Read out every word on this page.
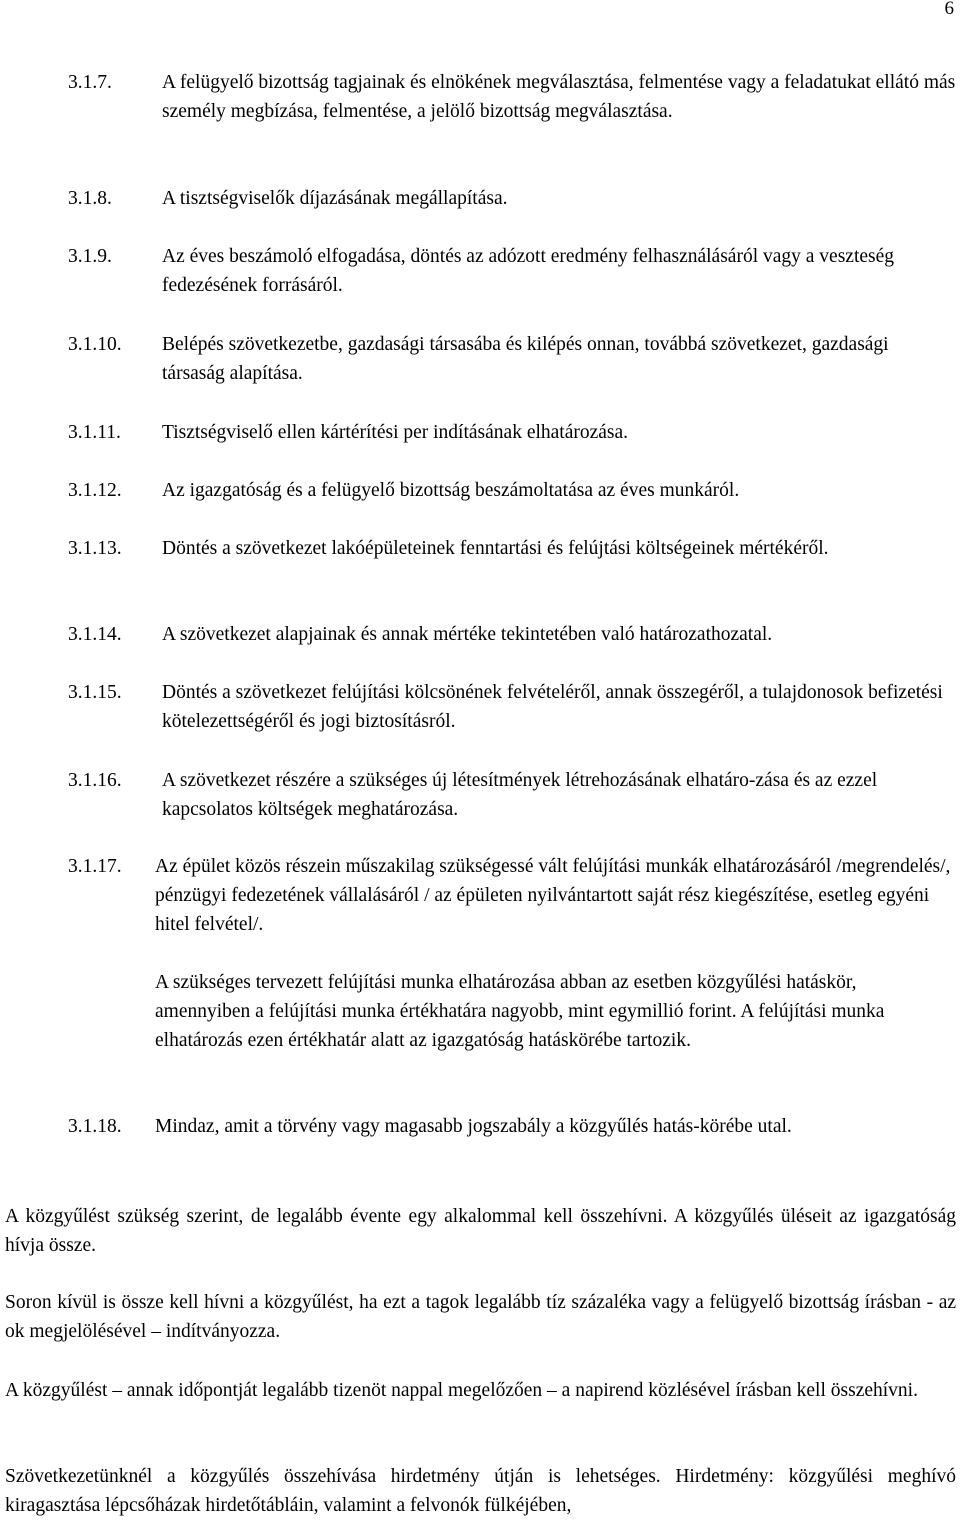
6
3.1.7.	A felügyelő bizottság tagjainak és elnökének megválasztása, felmentése vagy a feladatukat ellátó más személy megbízása, felmentése, a jelölő bizottság megválasztása.
3.1.8.	A tisztségviselők díjazásának megállapítása.
3.1.9.	Az éves beszámoló elfogadása, döntés az adózott eredmény felhasználásáról vagy a veszteség fedezésének forrásáról.
3.1.10. Belépés szövetkezetbe, gazdasági társasába és kilépés onnan, továbbá szövetkezet, gazdasági társaság alapítása.
3.1.11. Tisztségviselő ellen kártérítési per indításának elhatározása.
3.1.12. Az igazgatóság és a felügyelő bizottság beszámoltatása az éves munkáról.
3.1.13. Döntés a szövetkezet lakóépületeinek fenntartási és felújtási költségeinek mértékéről.
3.1.14. A szövetkezet alapjainak és annak mértéke tekintetében való határozathozatal.
3.1.15. Döntés a szövetkezet felújítási kölcsönének felvételéről, annak összegéről, a tulajdonosok befizetési kötelezettségéről és jogi biztosításról.
3.1.16. A szövetkezet részére a szükséges új létesítmények létrehozásának elhatáro-zása és az ezzel kapcsolatos költségek meghatározása.
3.1.17. Az épület közös részein műszakilag szükségessé vált felújítási munkák elhatározásáról /megrendelés/, pénzügyi fedezetének vállalásáról / az épületen nyilvántartott saját rész kiegészítése, esetleg egyéni hitel felvétel/.
A szükséges tervezett felújítási munka elhatározása abban az esetben közgyűlési hatáskör, amennyiben a felújítási munka értékhatára nagyobb, mint egymillió forint. A felújítási munka elhatározás ezen értékhatár alatt az igazgatóság hatáskörébe tartozik.
3.1.18. Mindaz, amit a törvény vagy magasabb jogszabály a közgyűlés hatás-körébe utal.
A közgyűlést szükség szerint, de legalább évente egy alkalommal kell összehívni. A közgyűlés üléseit az igazgatóság hívja össze.
Soron kívül is össze kell hívni a közgyűlést, ha ezt a tagok legalább tíz százaléka vagy a felügyelő bizottság írásban - az ok megjelölésével – indítványozza.
A közgyűlést – annak időpontját legalább tizenöt nappal megelőzően – a napirend közlésével írásban kell összehívni.
Szövetkezetünknél a közgyűlés összehívása hirdetmény útján is lehetséges. Hirdetmény: közgyűlési meghívó kiragasztása lépcsőházak hirdetőtábláin, valamint a felvonók fülkéjében,
